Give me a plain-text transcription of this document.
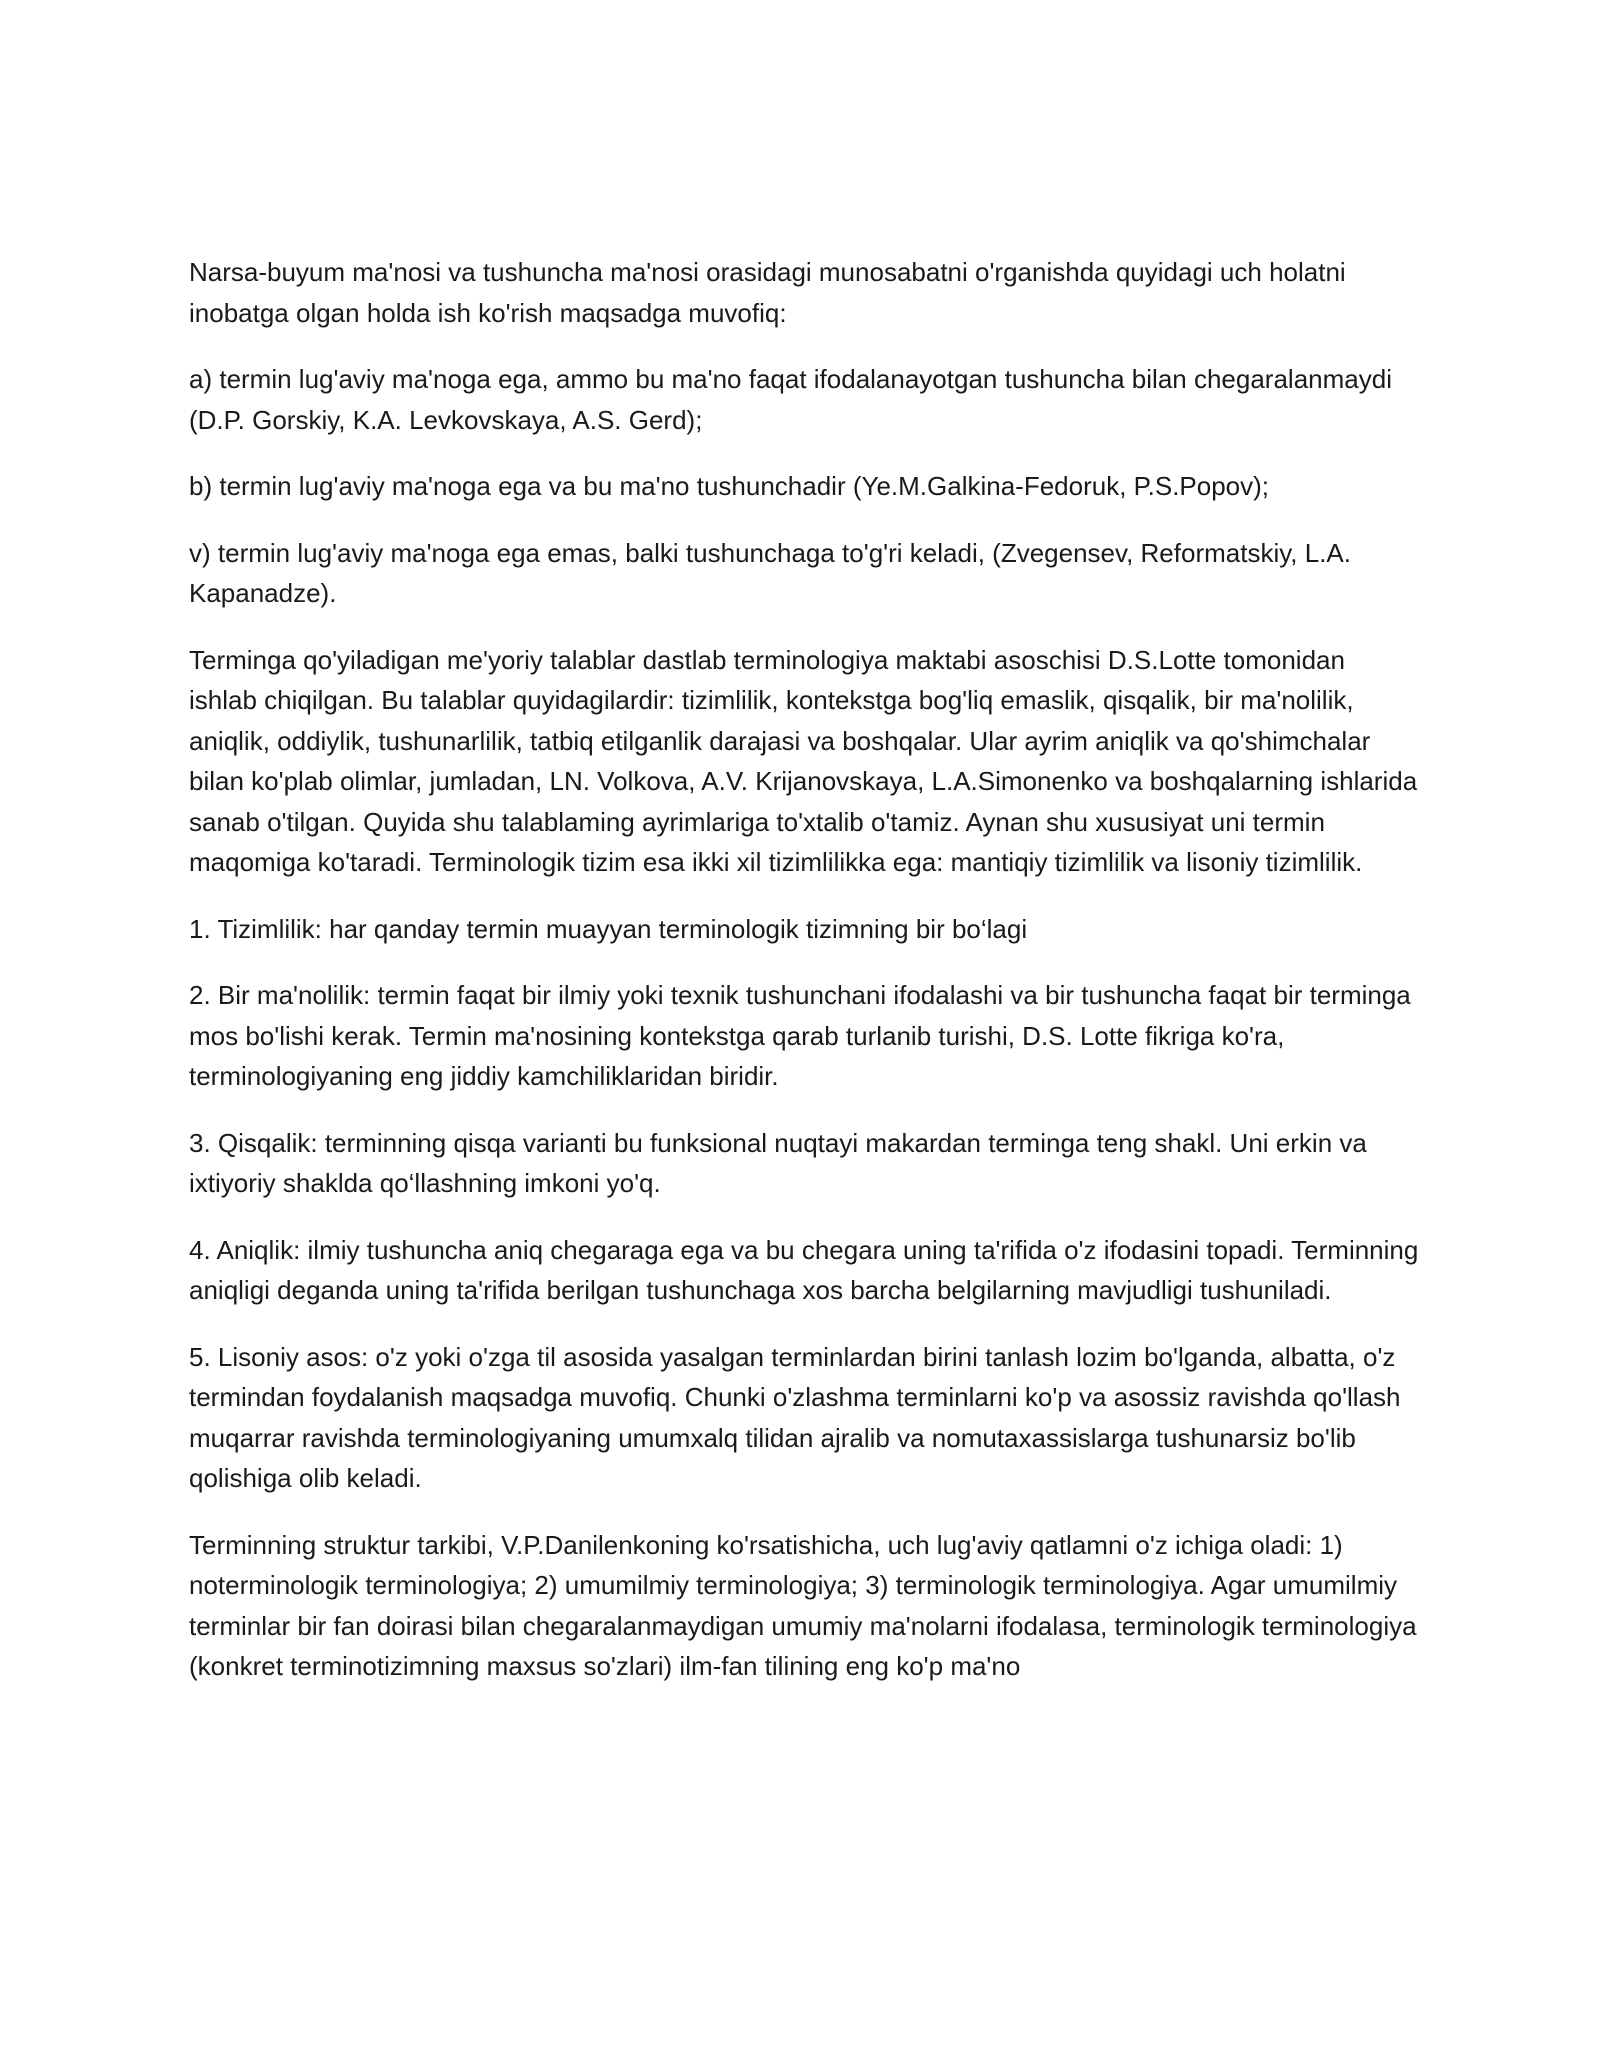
Narsa-buyum ma'nosi va tushuncha ma'nosi orasidagi munosabatni o'rganishda quyidagi uch holatni inobatga olgan holda ish ko'rish maqsadga muvofiq:

a) termin lug'aviy ma'noga ega, ammo bu ma'no faqat ifodalanayotgan tushuncha bilan chegaralanmaydi (D.P. Gorskiy, K.A. Levkovskaya, A.S. Gerd);

b) termin lug'aviy ma'noga ega va bu ma'no tushunchadir (Ye.M.Galkina-Fedoruk, P.S.Popov);

v) termin lug'aviy ma'noga ega emas, balki tushunchaga to'g'ri keladi, (Zvegensev, Reformatskiy, L.A. Kapanadze).

Terminga qo'yiladigan me'yoriy talablar dastlab terminologiya maktabi asoschisi D.S.Lotte tomonidan ishlab chiqilgan. Bu talablar quyidagilardir: tizimlilik, kontekstga bog'liq emaslik, qisqalik, bir ma'nolilik, aniqlik, oddiylik, tushunarlilik, tatbiq etilganlik darajasi va boshqalar. Ular ayrim aniqlik va qo'shimchalar bilan ko'plab olimlar, jumladan, LN. Volkova, A.V. Krijanovskaya, L.A.Simonenko va boshqalarning ishlarida sanab o'tilgan. Quyida shu talablaming ayrimlariga to'xtalib o'tamiz. Aynan shu xususiyat uni termin maqomiga ko'taradi. Terminologik tizim esa ikki xil tizimlilikka ega: mantiqiy tizimlilik va lisoniy tizimlilik.

1. Tizimlilik: har qanday termin muayyan terminologik tizimning bir bo‘lagi

2. Bir ma'nolilik: termin faqat bir ilmiy yoki texnik tushunchani ifodalashi va bir tushuncha faqat bir terminga mos bo'lishi kerak. Termin ma'nosining kontekstga qarab turlanib turishi, D.S. Lotte fikriga ko'ra, terminologiyaning eng jiddiy kamchiliklaridan biridir.

3. Qisqalik: terminning qisqa varianti bu funksional nuqtayi makardan terminga teng shakl. Uni erkin va ixtiyoriy shaklda qo‘llashning imkoni yo'q.

4. Aniqlik: ilmiy tushuncha aniq chegaraga ega va bu chegara uning ta'rifida o'z ifodasini topadi. Terminning aniqligi deganda uning ta'rifida berilgan tushunchaga xos barcha belgilarning mavjudligi tushuniladi.

5. Lisoniy asos: o'z yoki o'zga til asosida yasalgan terminlardan birini tanlash lozim bo'lganda, albatta, o'z termindan foydalanish maqsadga muvofiq. Chunki o'zlashma terminlarni ko'p va asossiz ravishda qo'llash muqarrar ravishda terminologiyaning umumxalq tilidan ajralib va nomutaxassislarga tushunarsiz bo'lib qolishiga olib keladi.

Terminning struktur tarkibi, V.P.Danilenkoning ko'rsatishicha, uch lug'aviy qatlamni o'z ichiga oladi: 1) noterminologik terminologiya; 2) umumilmiy terminologiya; 3) terminologik terminologiya. Agar umumilmiy terminlar bir fan doirasi bilan chegaralanmaydigan umumiy ma'nolarni ifodalasa, terminologik terminologiya (konkret terminotizimning maxsus so'zlari) ilm-fan tilining eng ko'p ma'no
